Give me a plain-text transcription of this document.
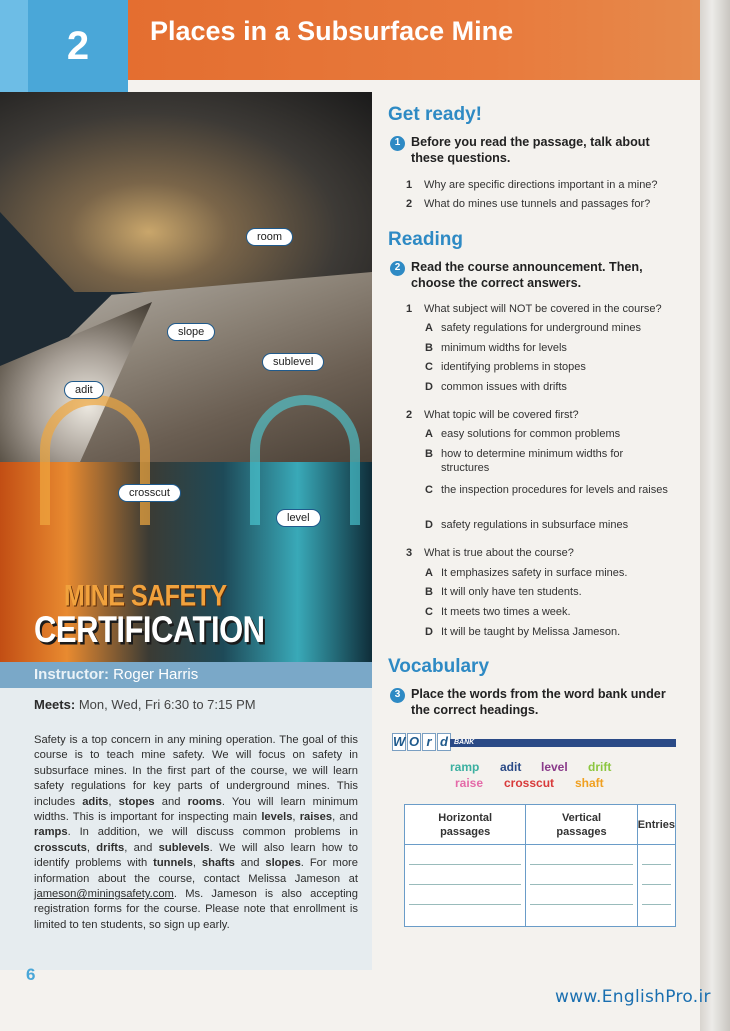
2 Places in a Subsurface Mine
room
slope
sublevel
adit
crosscut
level
MINE SAFETY
CERTIFICATION
Instructor: Roger Harris
Meets: Mon, Wed, Fri 6:30 to 7:15 PM
Safety is a top concern in any mining operation. The goal of this course is to teach mine safety. We will focus on safety in subsurface mines. In the first part of the course, we will learn safety regulations for key parts of underground mines. This includes adits, stopes and rooms. You will learn minimum widths. This is important for inspecting main levels, raises, and ramps. In addition, we will discuss common problems in crosscuts, drifts, and sublevels. We will also learn how to identify problems with tunnels, shafts and slopes. For more information about the course, contact Melissa Jameson at jameson@miningsafety.com. Ms. Jameson is also accepting registration forms for the course. Please note that enrollment is limited to ten students, so sign up early.
6
Get ready!
1 Before you read the passage, talk about these questions.
1 Why are specific directions important in a mine?
2 What do mines use tunnels and passages for?
Reading
2 Read the course announcement. Then, choose the correct answers.
1 What subject will NOT be covered in the course?
A safety regulations for underground mines
B minimum widths for levels
C identifying problems in stopes
D common issues with drifts
2 What topic will be covered first?
A easy solutions for common problems
B how to determine minimum widths for structures
C the inspection procedures for levels and raises
D safety regulations in subsurface mines
3 What is true about the course?
A It emphasizes safety in surface mines.
B It will only have ten students.
C It meets two times a week.
D It will be taught by Melissa Jameson.
Vocabulary
3 Place the words from the word bank under the correct headings.
W O r d BANK
ramp adit level drift
raise crosscut shaft
Horizontal passages	Vertical passages	Entries

www.EnglishPro.ir
